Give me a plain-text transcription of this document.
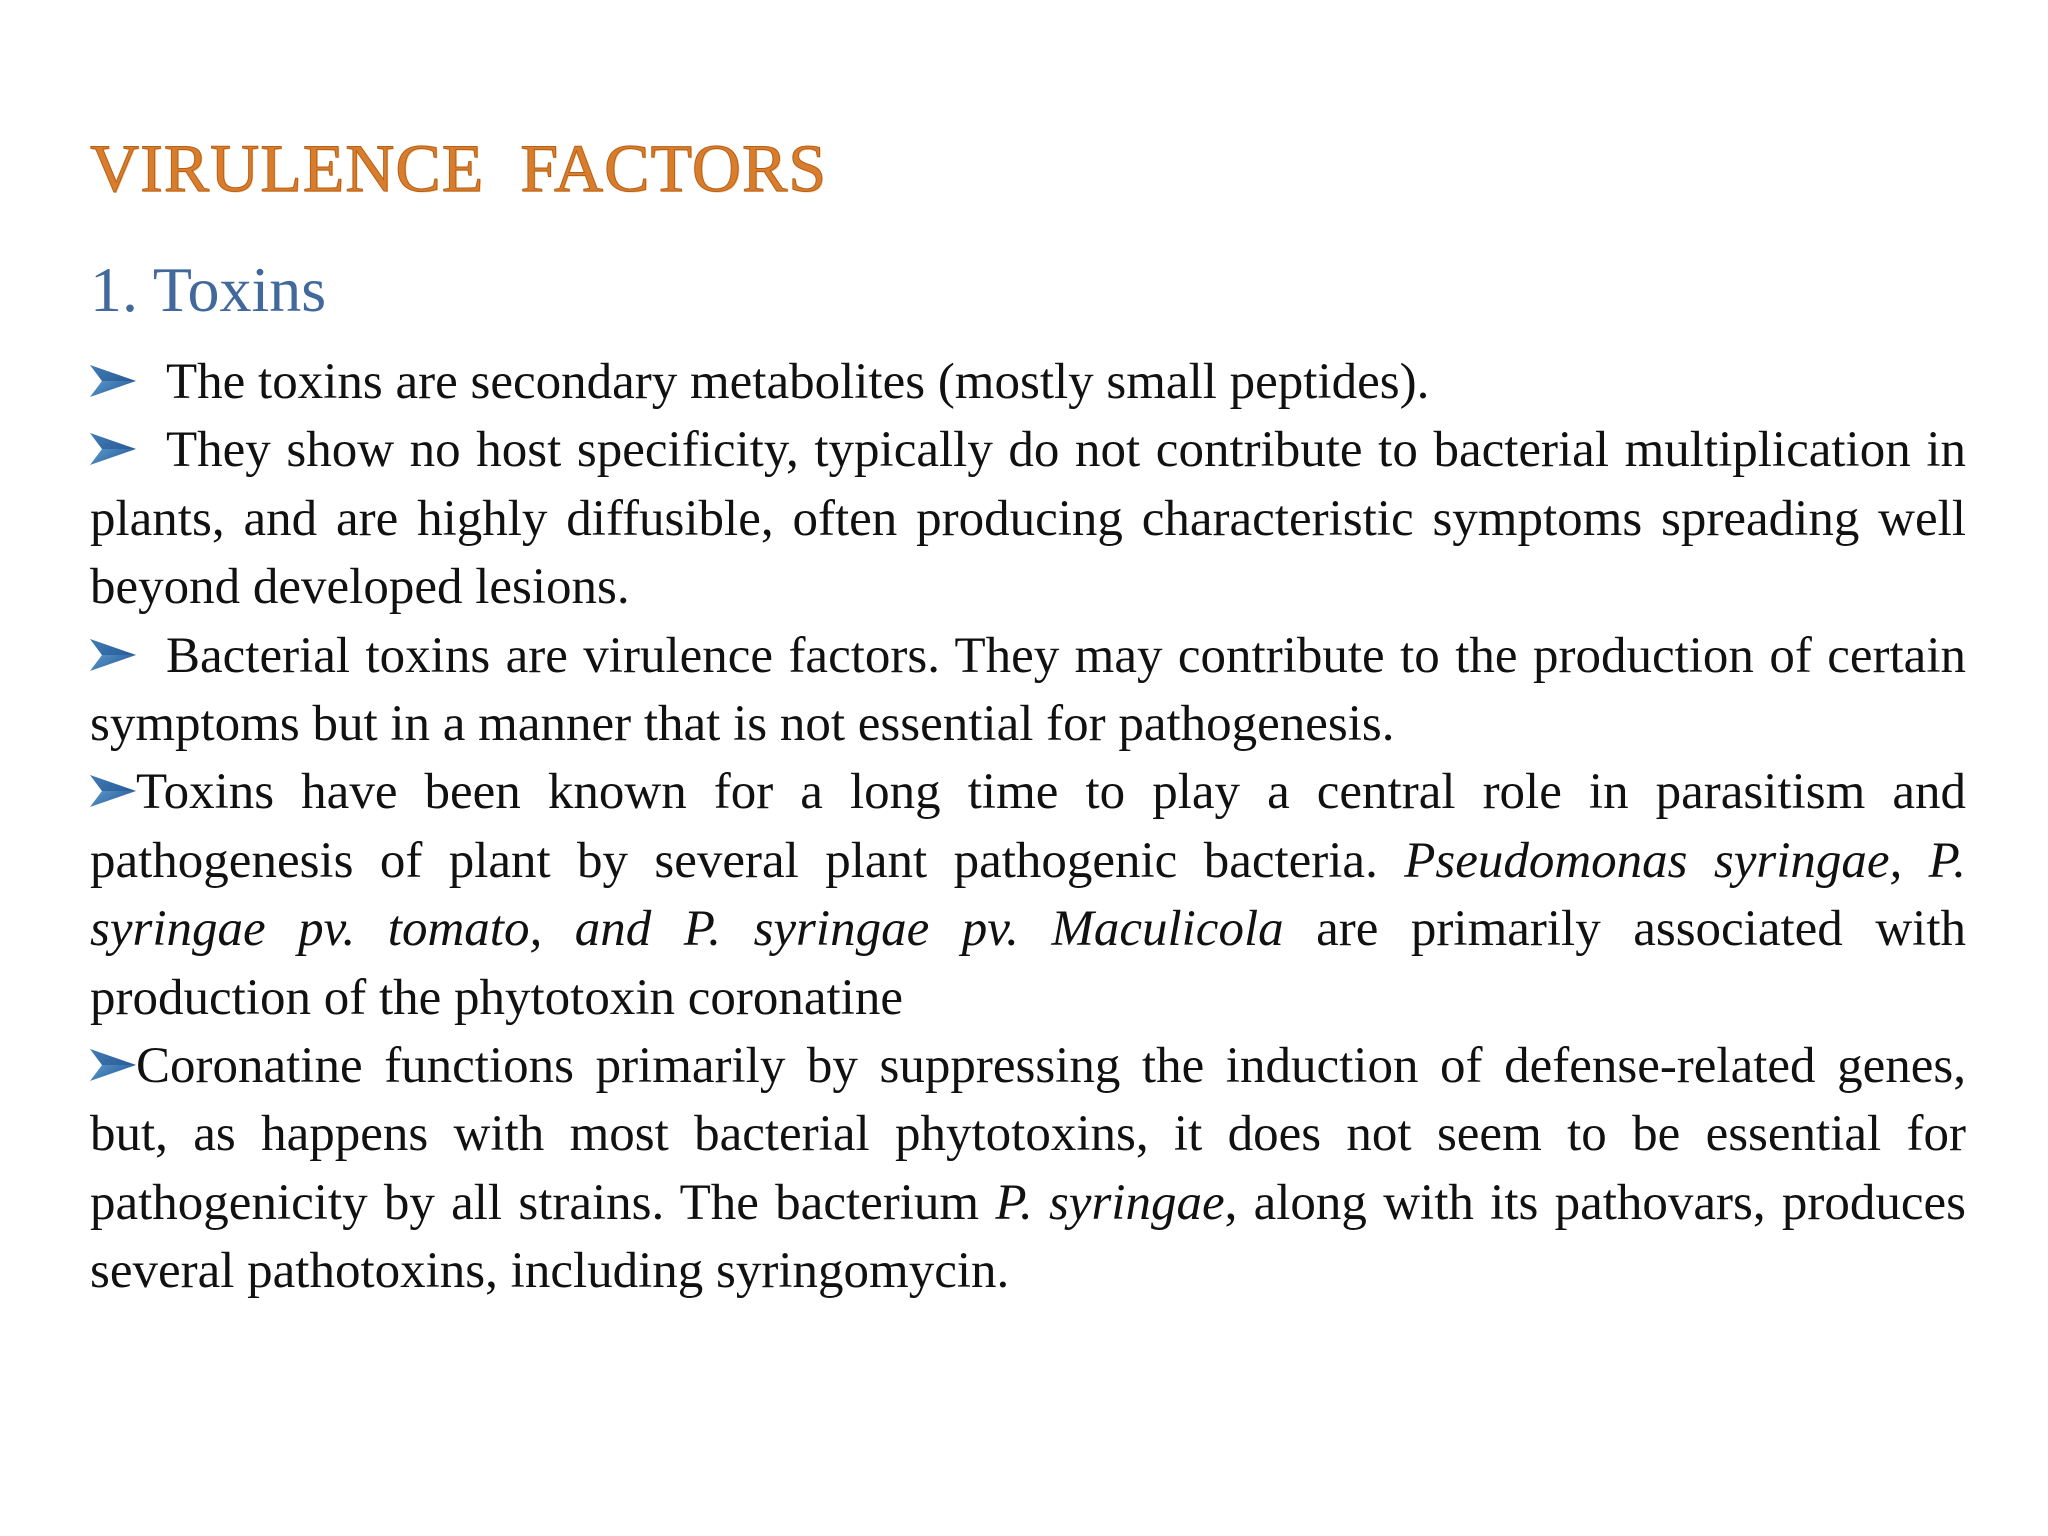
VIRULENCE  FACTORS
1. Toxins

The toxins are secondary metabolites (mostly small peptides).

They show no host specificity, typically do not contribute to bacterial multiplication in plants, and are highly diffusible, often producing characteristic symptoms spreading well beyond developed lesions.

Bacterial toxins are virulence factors. They may contribute to the production of certain symptoms but in a manner that is not essential for pathogenesis.

Toxins have been known for a long time to play a central role in parasitism and pathogenesis of plant by several plant pathogenic bacteria. Pseudomonas syringae, P. syringae pv. tomato, and P. syringae pv. Maculicola are primarily associated with production of the phytotoxin coronatine

Coronatine functions primarily by suppressing the induction of defense-related genes, but, as happens with most bacterial phytotoxins, it does not seem to be essential for pathogenicity by all strains. The bacterium P. syringae, along with its pathovars, produces several pathotoxins, including syringomycin.
